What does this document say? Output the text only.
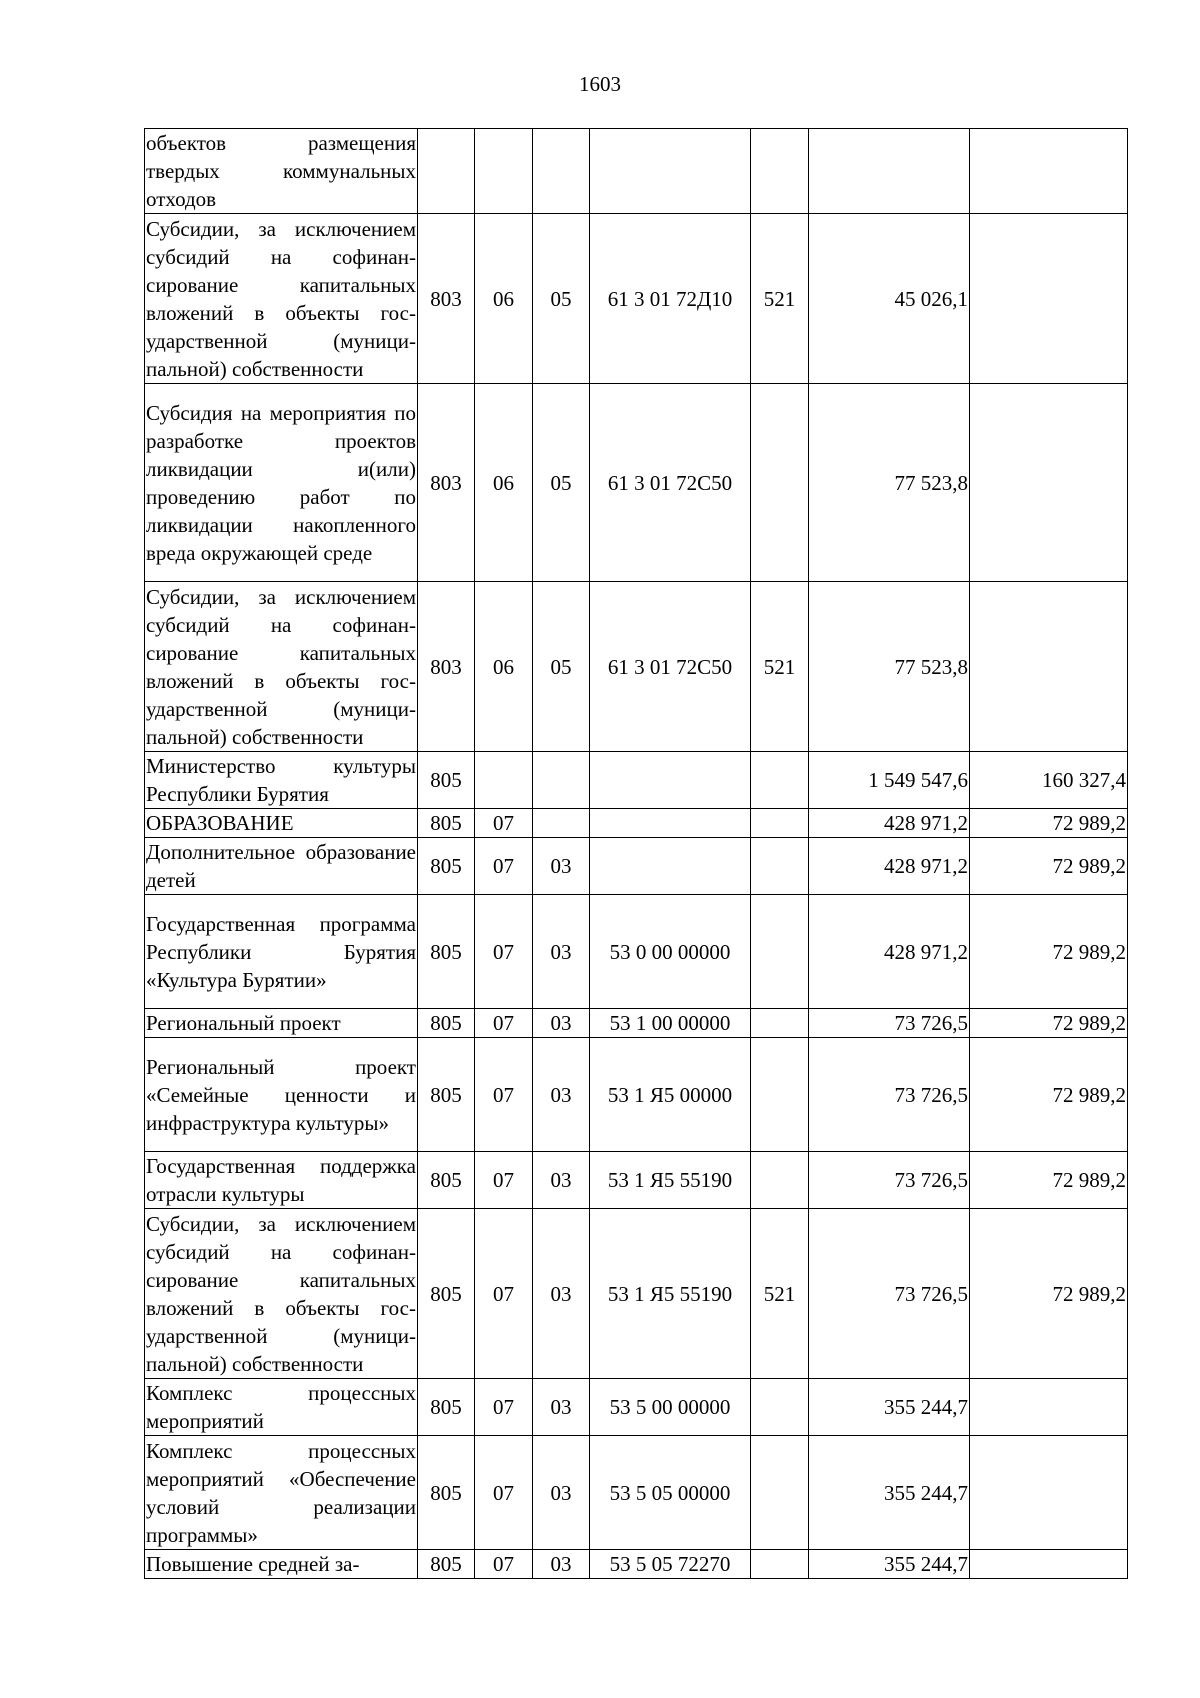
1603
объектов размещения твердых коммунальных отходов							
Субсидии, за исключением субсидий на софинансирование капитальных вложений в объекты государственной (муниципальной) собственности	803	06	05	61 3 01 72Д10	521	45 026,1	
Субсидия на мероприятия по разработке проектов ликвидации и(или) проведению работ по ликвидации накопленного вреда окружающей среде	803	06	05	61 3 01 72С50		77 523,8	
Субсидии, за исключением субсидий на софинансирование капитальных вложений в объекты государственной (муниципальной) собственности	803	06	05	61 3 01 72С50	521	77 523,8	
Министерство культуры Республики Бурятия	805					1 549 547,6	160 327,4
ОБРАЗОВАНИЕ	805	07				428 971,2	72 989,2
Дополнительное образование детей	805	07	03			428 971,2	72 989,2
Государственная программа Республики Бурятия «Культура Бурятии»	805	07	03	53 0 00 00000		428 971,2	72 989,2
Региональный проект	805	07	03	53 1 00 00000		73 726,5	72 989,2
Региональный проект «Семейные ценности и инфраструктура культуры»	805	07	03	53 1 Я5 00000		73 726,5	72 989,2
Государственная поддержка отрасли культуры	805	07	03	53 1 Я5 55190		73 726,5	72 989,2
Субсидии, за исключением субсидий на софинансирование капитальных вложений в объекты государственной (муниципальной) собственности	805	07	03	53 1 Я5 55190	521	73 726,5	72 989,2
Комплекс процессных мероприятий	805	07	03	53 5 00 00000		355 244,7	
Комплекс процессных мероприятий «Обеспечение условий реализации программы»	805	07	03	53 5 05 00000		355 244,7	
Повышение средней за-	805	07	03	53 5 05 72270		355 244,7	
